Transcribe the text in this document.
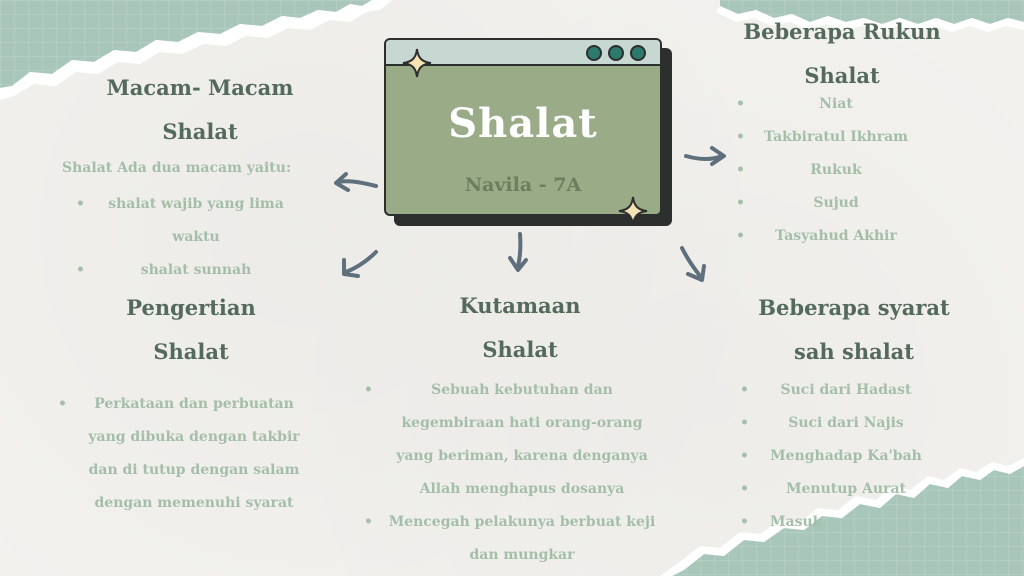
Shalat
Navila - 7A
Macam- Macam
Shalat
Shalat Ada dua macam yaitu:
• shalat wajib yang lima
waktu
• shalat sunnah
Beberapa Rukun
Shalat
• Niat
• Takbiratul Ikhram
• Rukuk
• Sujud
• Tasyahud Akhir
Pengertian
Shalat
• Perkataan dan perbuatan
yang dibuka dengan takbir
dan di tutup dengan salam
dengan memenuhi syarat
Kutamaan
Shalat
• Sebuah kebutuhan dan
kegembiraan hati orang-orang
yang beriman, karena denganya
Allah menghapus dosanya
• Mencegah pelakunya berbuat keji
dan mungkar
Beberapa syarat
sah shalat
• Suci dari Hadast
• Suci dari Najis
• Menghadap Ka'bah
• Menutup Aurat
• Masuk
